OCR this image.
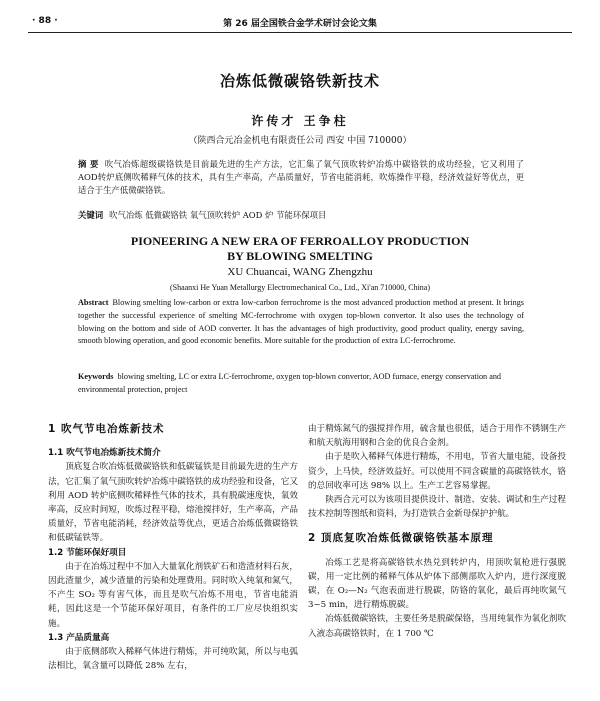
· 88 ·	第 26 届全国铁合金学术研讨会论文集
冶炼低微碳铬铁新技术
许传才 王争柱
（陕西合元冶金机电有限责任公司 西安 中国 710000）
摘 要 吹气冶炼超级碳铬铁是目前最先进的生产方法，它汇集了氧气顶吹转炉冶炼中碳铬铁的成功经验，它又利用了AOD转炉底侧吹稀释气体的技术，具有生产率高，产品质量好，节省电能消耗，吹炼操作平稳，经济效益好等优点，更适合于生产低微碳铬铁。
关键词 吹气冶炼 低微碳铬铁 氧气顶吹转炉 AOD 炉 节能环保项目
PIONEERING A NEW ERA OF FERROALLOY PRODUCTION
BY BLOWING SMELTING
XU Chuancai, WANG Zhengzhu
(Shaanxi He Yuan Metallurgy Electromechanical Co., Ltd., Xi'an 710000, China)
Abstract Blowing smelting low-carbon or extra low-carbon ferrochrome is the most advanced production method at present. It brings together the successful experience of smelting MC-ferrochrome with oxygen top-blown convertor. It also uses the technology of blowing on the bottom and side of AOD converter. It has the advantages of high productivity, good product quality, energy saving, smooth blowing operation, and good economic benefits. More suitable for the production of extra LC-ferrochrome.
Keywords blowing smelting, LC or extra LC-ferrochrome, oxygen top-blown convertor, AOD furnace, energy conservation and environmental protection, project
1 吹气节电冶炼新技术
1.1 吹气节电冶炼新技术简介

顶底复合吹冶炼低微碳铬铁和低碳锰铁是目前最先进的生产方法，它汇集了氧气顶吹转炉冶炼中碳铬铁的成功经验和设备，它又利用 AOD 转炉底侧吹稀释性气体的技术，具有脱碳速度快，氧效率高，反应时间短，吹炼过程平稳，熔池搅拌好，生产率高，产品质量好，节省电能消耗，经济效益等优点，更适合冶炼低微碳铬铁和低碳锰铁等。

1.2 节能环保好项目

由于在冶炼过程中不加入大量氧化剂铁矿石和造渣材料石灰，因此渣量少，减少渣量的污染和处理费用。同时吹入纯氧和氮气，不产生 SO₂ 等有害气体，而且是吹气冶炼不用电，节省电能消耗，因此这是一个节能环保好项目，有条件的工厂应尽快组织实施。

1.3 产品质量高

由于底侧部吹入稀释气体进行精炼，并可纯吹氮，所以与电弧法相比，氧含量可以降低 28% 左右，

由于精炼氮气的强搅拌作用，硫含量也很低，适合于用作不锈钢生产和航天航海用钢和合金的优良合金剂。

由于是吹入稀释气体进行精炼，不用电，节省大量电能，设备投资少，上马快，经济效益好。可以使用不同含碳量的高碳铬铁水，铬的总回收率可达 98% 以上。生产工艺容易掌握。

陕西合元可以为该项目提供设计、制造、安装、调试和生产过程技术控制等图纸和资料，为打造铁合金新母保护护航。

2 顶底复吹冶炼低微碳铬铁基本原理

冶炼工艺是将高碳铬铁水热兑到转炉内，用顶吹氧枪进行强脱碳，用一定比例的稀释气体从炉体下部侧部吹入炉内，进行深度脱碳，在 O₂—N₂ 气泡表面进行脱碳，防铬的氧化，最后再纯吹氮气 3~5 min，进行精炼脱碳。

冶炼低微碳铬铁，主要任务是脱碳保铬，当用纯氧作为氧化剂吹入液态高碳铬铁时，在 1 700 ℃
